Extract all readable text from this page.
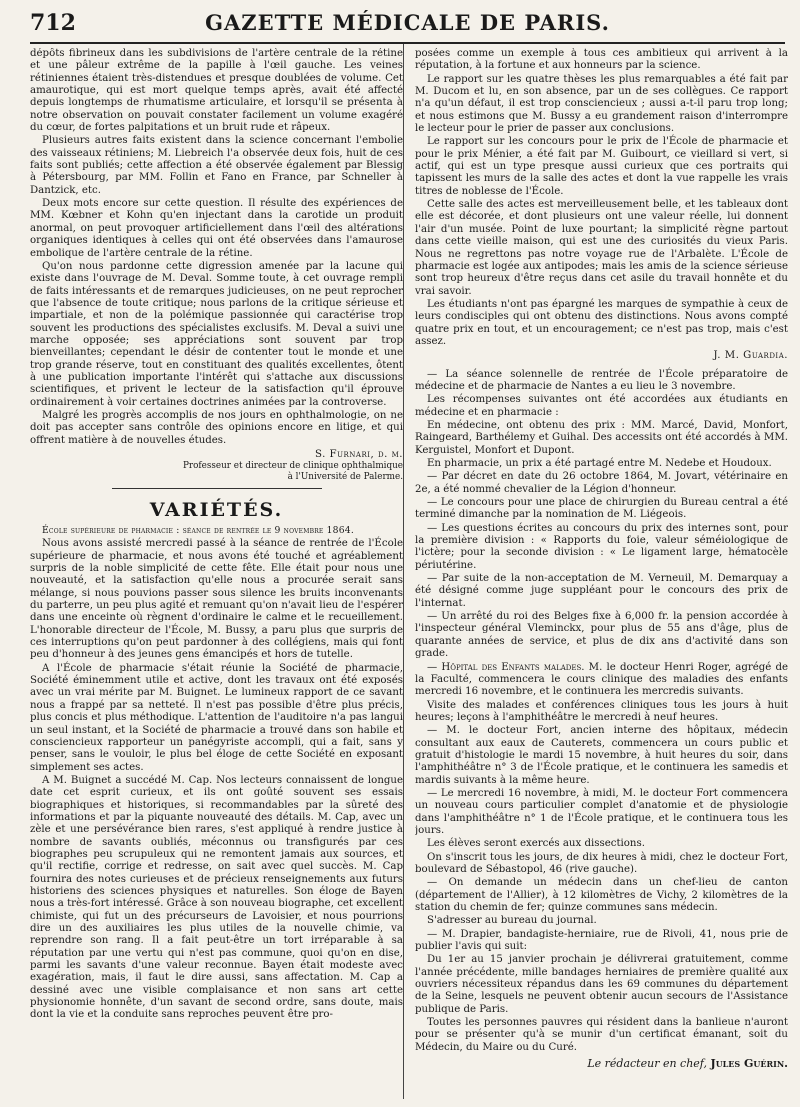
712	GAZETTE MÉDICALE DE PARIS.

dépôts fibrineux dans les subdivisions de l'artère centrale de la rétine et une pâleur extrême de la papille à l'œil gauche. Les veines rétiniennes étaient très-distendues et presque doublées de volume. Cet amaurotique, qui est mort quelque temps après, avait été affecté depuis longtemps de rhumatisme articulaire, et lorsqu'il se présenta à notre observation on pouvait constater facilement un volume exagéré du cœur, de fortes palpitations et un bruit rude et râpeux.

Plusieurs autres faits existent dans la science concernant l'embolie des vaisseaux rétiniens; M. Liebreich l'a observée deux fois, huit de ces faits sont publiés; cette affection a été observée également par Blessig à Pétersbourg, par MM. Follin et Fano en France, par Schneller à Dantzick, etc.

Deux mots encore sur cette question. Il résulte des expériences de MM. Kœbner et Kohn qu'en injectant dans la carotide un produit anormal, on peut provoquer artificiellement dans l'œil des altérations organiques identiques à celles qui ont été observées dans l'amaurose embolique de l'artère centrale de la rétine.

Qu'on nous pardonne cette digression amenée par la lacune qui existe dans l'ouvrage de M. Deval. Somme toute, à cet ouvrage rempli de faits intéressants et de remarques judicieuses, on ne peut reprocher que l'absence de toute critique; nous parlons de la critique sérieuse et impartiale, et non de la polémique passionnée qui caractérise trop souvent les productions des spécialistes exclusifs. M. Deval a suivi une marche opposée; ses appréciations sont souvent par trop bienveillantes; cependant le désir de contenter tout le monde et une trop grande réserve, tout en constituant des qualités excellentes, ôtent à une publication importante l'intérêt qui s'attache aux discussions scientifiques, et privent le lecteur de la satisfaction qu'il éprouve ordinairement à voir certaines doctrines animées par la controverse.

Malgré les progrès accomplis de nos jours en ophthalmologie, on ne doit pas accepter sans contrôle des opinions encore en litige, et qui offrent matière à de nouvelles études.

S. Furnari, d. m.
Professeur et directeur de clinique ophthalmique
à l'Université de Palerme.
VARIÉTÉS.

École supérieure de pharmacie : séance de rentrée le 9 novembre 1864.

Nous avons assisté mercredi passé à la séance de rentrée de l'École supérieure de pharmacie, et nous avons été touché et agréablement surpris de la noble simplicité de cette fête. Elle était pour nous une nouveauté, et la satisfaction qu'elle nous a procurée serait sans mélange, si nous pouvions passer sous silence les bruits inconvenants du parterre, un peu plus agité et remuant qu'on n'avait lieu de l'espérer dans une enceinte où règnent d'ordinaire le calme et le recueillement. L'honorable directeur de l'École, M. Bussy, a paru plus que surpris de ces interruptions qu'on peut pardonner à des collégiens, mais qui font peu d'honneur à des jeunes gens émancipés et hors de tutelle.

A l'École de pharmacie s'était réunie la Société de pharmacie, Société éminemment utile et active, dont les travaux ont été exposés avec un vrai mérite par M. Buignet. Le lumineux rapport de ce savant nous a frappé par sa netteté. Il n'est pas possible d'être plus précis, plus concis et plus méthodique. L'attention de l'auditoire n'a pas langui un seul instant, et la Société de pharmacie a trouvé dans son habile et consciencieux rapporteur un panégyriste accompli, qui a fait, sans y penser, sans le vouloir, le plus bel éloge de cette Société en exposant simplement ses actes.

A M. Buignet a succédé M. Cap. Nos lecteurs connaissent de longue date cet esprit curieux, et ils ont goûté souvent ses essais biographiques et historiques, si recommandables par la sûreté des informations et par la piquante nouveauté des détails. M. Cap, avec un zèle et une persévérance bien rares, s'est appliqué à rendre justice à nombre de savants oubliés, méconnus ou transfigurés par ces biographes peu scrupuleux qui ne remontent jamais aux sources, et qu'il rectifie, corrige et redresse, on sait avec quel succès. M. Cap fournira des notes curieuses et de précieux renseignements aux futurs historiens des sciences physiques et naturelles. Son éloge de Bayen nous a très-fort intéressé. Grâce à son nouveau biographe, cet excellent chimiste, qui fut un des précurseurs de Lavoisier, et nous pourrions dire un des auxiliaires les plus utiles de la nouvelle chimie, va reprendre son rang. Il a fait peut-être un tort irréparable à sa réputation par une vertu qui n'est pas commune, quoi qu'on en dise, parmi les savants d'une valeur reconnue. Bayen était modeste avec exagération, mais, il faut le dire aussi, sans affectation. M. Cap a dessiné avec une visible complaisance et non sans art cette physionomie honnête, d'un savant de second ordre, sans doute, mais dont la vie et la conduite sans reproches peuvent être pro-

posées comme un exemple à tous ces ambitieux qui arrivent à la réputation, à la fortune et aux honneurs par la science.

Le rapport sur les quatre thèses les plus remarquables a été fait par M. Ducom et lu, en son absence, par un de ses collègues. Ce rapport n'a qu'un défaut, il est trop consciencieux ; aussi a-t-il paru trop long; et nous estimons que M. Bussy a eu grandement raison d'interrompre le lecteur pour le prier de passer aux conclusions.

Le rapport sur les concours pour le prix de l'École de pharmacie et pour le prix Ménier, a été fait par M. Guibourt, ce vieillard si vert, si actif, qui est un type presque aussi curieux que ces portraits qui tapissent les murs de la salle des actes et dont la vue rappelle les vrais titres de noblesse de l'École.

Cette salle des actes est merveilleusement belle, et les tableaux dont elle est décorée, et dont plusieurs ont une valeur réelle, lui donnent l'air d'un musée. Point de luxe pourtant; la simplicité règne partout dans cette vieille maison, qui est une des curiosités du vieux Paris. Nous ne regrettons pas notre voyage rue de l'Arbalète. L'École de pharmacie est logée aux antipodes; mais les amis de la science sérieuse sont trop heureux d'être reçus dans cet asile du travail honnête et du vrai savoir.

Les étudiants n'ont pas épargné les marques de sympathie à ceux de leurs condisciples qui ont obtenu des distinctions. Nous avons compté quatre prix en tout, et un encouragement; ce n'est pas trop, mais c'est assez.

J. M. Guardia.

— La séance solennelle de rentrée de l'École préparatoire de médecine et de pharmacie de Nantes a eu lieu le 3 novembre.

Les récompenses suivantes ont été accordées aux étudiants en médecine et en pharmacie :

En médecine, ont obtenu des prix : MM. Marcé, David, Monfort, Raingeard, Barthélemy et Guihal. Des accessits ont été accordés à MM. Kerguistel, Monfort et Dupont.

En pharmacie, un prix a été partagé entre M. Nedebe et Houdoux.

— Par décret en date du 26 octobre 1864, M. Jovart, vétérinaire en 2e, a été nommé chevalier de la Légion d'honneur.

— Le concours pour une place de chirurgien du Bureau central a été terminé dimanche par la nomination de M. Liégeois.

— Les questions écrites au concours du prix des internes sont, pour la première division : « Rapports du foie, valeur séméiologique de l'ictère; pour la seconde division : « Le ligament large, hématocèle périutérine.

— Par suite de la non-acceptation de M. Verneuil, M. Demarquay a été désigné comme juge suppléant pour le concours des prix de l'internat.

— Un arrêté du roi des Belges fixe à 6,000 fr. la pension accordée à l'inspecteur général Vleminckx, pour plus de 55 ans d'âge, plus de quarante années de service, et plus de dix ans d'activité dans son grade.

— Hôpital des Enfants malades. M. le docteur Henri Roger, agrégé de la Faculté, commencera le cours clinique des maladies des enfants mercredi 16 novembre, et le continuera les mercredis suivants.

Visite des malades et conférences cliniques tous les jours à huit heures; leçons à l'amphithéâtre le mercredi à neuf heures.

— M. le docteur Fort, ancien interne des hôpitaux, médecin consultant aux eaux de Cauterets, commencera un cours public et gratuit d'histologie le mardi 15 novembre, à huit heures du soir, dans l'amphithéâtre n° 3 de l'École pratique, et le continuera les samedis et mardis suivants à la même heure.

— Le mercredi 16 novembre, à midi, M. le docteur Fort commencera un nouveau cours particulier complet d'anatomie et de physiologie dans l'amphithéâtre n° 1 de l'École pratique, et le continuera tous les jours.

Les élèves seront exercés aux dissections.

On s'inscrit tous les jours, de dix heures à midi, chez le docteur Fort, boulevard de Sébastopol, 46 (rive gauche).

— On demande un médecin dans un chef-lieu de canton (département de l'Allier), à 12 kilomètres de Vichy, 2 kilomètres de la station du chemin de fer; quinze communes sans médecin.

S'adresser au bureau du journal.

— M. Drapier, bandagiste-herniaire, rue de Rivoli, 41, nous prie de publier l'avis qui suit:

Du 1er au 15 janvier prochain je délivrerai gratuitement, comme l'année précédente, mille bandages herniaires de première qualité aux ouvriers nécessiteux répandus dans les 69 communes du département de la Seine, lesquels ne peuvent obtenir aucun secours de l'Assistance publique de Paris.

Toutes les personnes pauvres qui résident dans la banlieue n'auront pour se présenter qu'à se munir d'un certificat émanant, soit du Médecin, du Maire ou du Curé.

Le rédacteur en chef, Jules Guérin.
